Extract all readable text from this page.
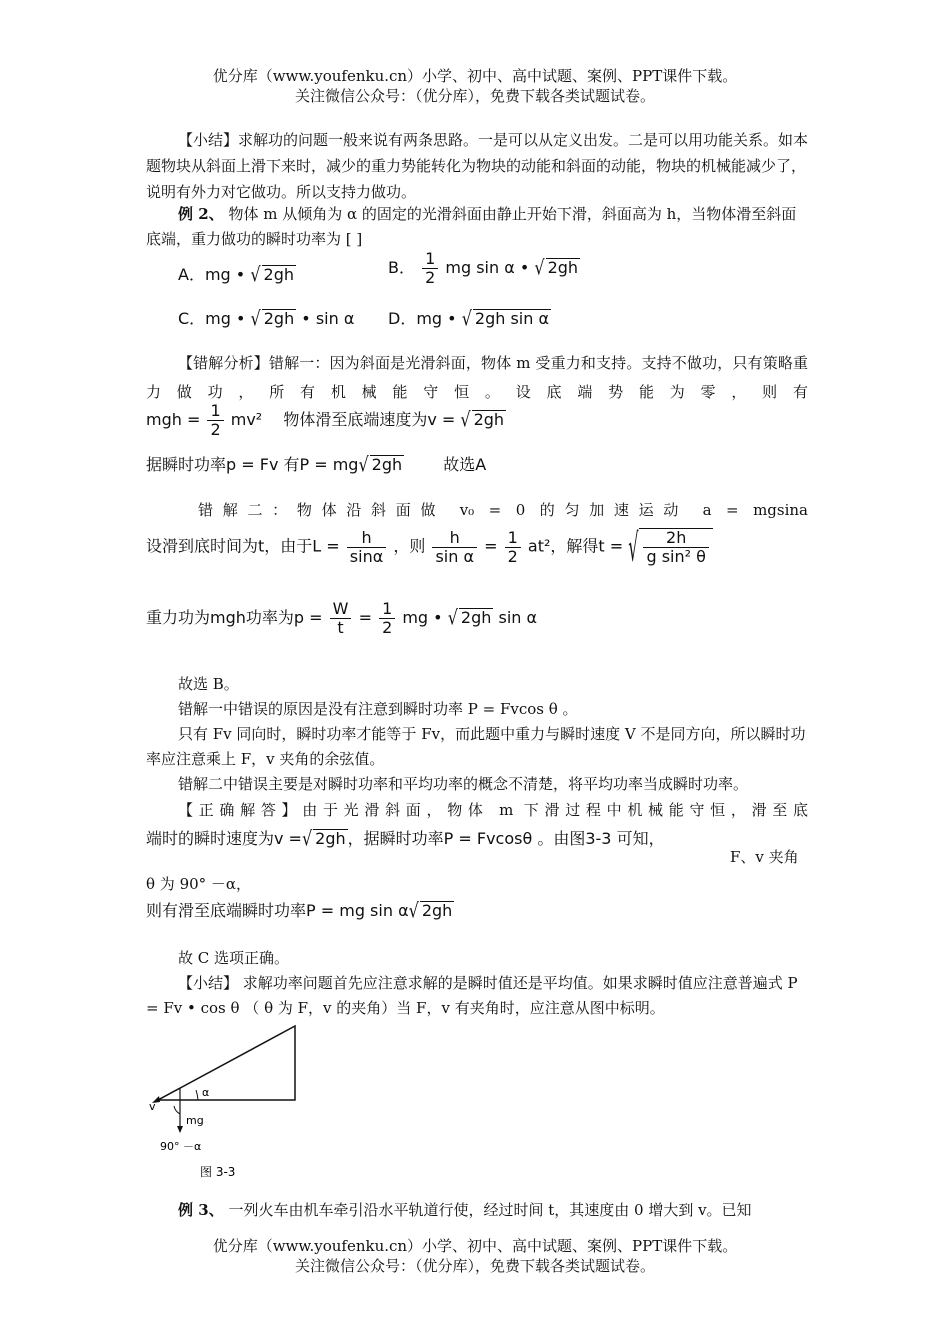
优分库（www.youfenku.cn）小学、初中、高中试题、案例、PPT课件下载。
关注微信公众号：（优分库），免费下载各类试题试卷。
【小结】求解功的问题一般来说有两条思路。一是可以从定义出发。二是可以用功能关系。如本题物块从斜面上滑下来时，减少的重力势能转化为物块的动能和斜面的动能，物块的机械能减少了，说明有外力对它做功。所以支持力做功。
例 2、 物体 m 从倾角为 α 的固定的光滑斜面由静止开始下滑，斜面高为 h，当物体滑至斜面底端，重力做功的瞬时功率为 [ ]
A．mg • √ 2gh	B． $\frac{1}{2}$ mg sin α • √ 2gh
C．mg • √ 2gh • sin α D．mg • √ 2gh sin α
【错解分析】错解一：因为斜面是光滑斜面，物体 m 受重力和支持。支持不做功，只有策略重力做功，所有机械能守恒。设底端势能为零，则有
mgh = $\frac{1}{2} mv^2$ 物体滑至底端速度为v = √ 2gh
据瞬时功率p = Fv 有P = mg√ 2gh	故选A
错解二：物体沿斜面做 v₀ = 0 的匀加速运动 a = mgsina
设滑到底时间为t，由于$L = \frac{h}{\sin\alpha}$ ，则 $\frac{h}{\text{sin α}} = \frac{1}{2} at^2$，解得t = √ $\frac{2h}{\text{g sin² θ}}$
重力功为mgh功率为$p = \frac{W}{t} = \frac{1}{2}$ mg • √ 2gh sin α
故选 B。
错解一中错误的原因是没有注意到瞬时功率 P = Fvcos θ 。
只有 Fv 同向时，瞬时功率才能等于 Fv，而此题中重力与瞬时速度 V 不是同方向，所以瞬时功率应注意乘上 F，v 夹角的余弦值。
错解二中错误主要是对瞬时功率和平均功率的概念不清楚，将平均功率当成瞬时功率。
【正确解答】由于光滑斜面，物体 m 下滑过程中机械能守恒，滑至底
端时的瞬时速度为v =√ 2gh ，据瞬时功率P = Fvcosθ 。由图3-3 可知，
F、v 夹角
θ 为 90° －α，
则有滑至底端瞬时功率P = mg sin α√ 2gh
故 C 选项正确。
【小结】 求解功率问题首先应注意求解的是瞬时值还是平均值。如果求瞬时值应注意普遍式 P = Fv • cos θ （ θ 为 F，v 的夹角）当 F，v 有夹角时，应注意从图中标明。
α
v
mg
90° －α
图 3-3
例 3、 一列火车由机车牵引沿水平轨道行使，经过时间 t，其速度由 0 增大到 v。已知
优分库（www.youfenku.cn）小学、初中、高中试题、案例、PPT课件下载。
关注微信公众号：（优分库），免费下载各类试题试卷。
